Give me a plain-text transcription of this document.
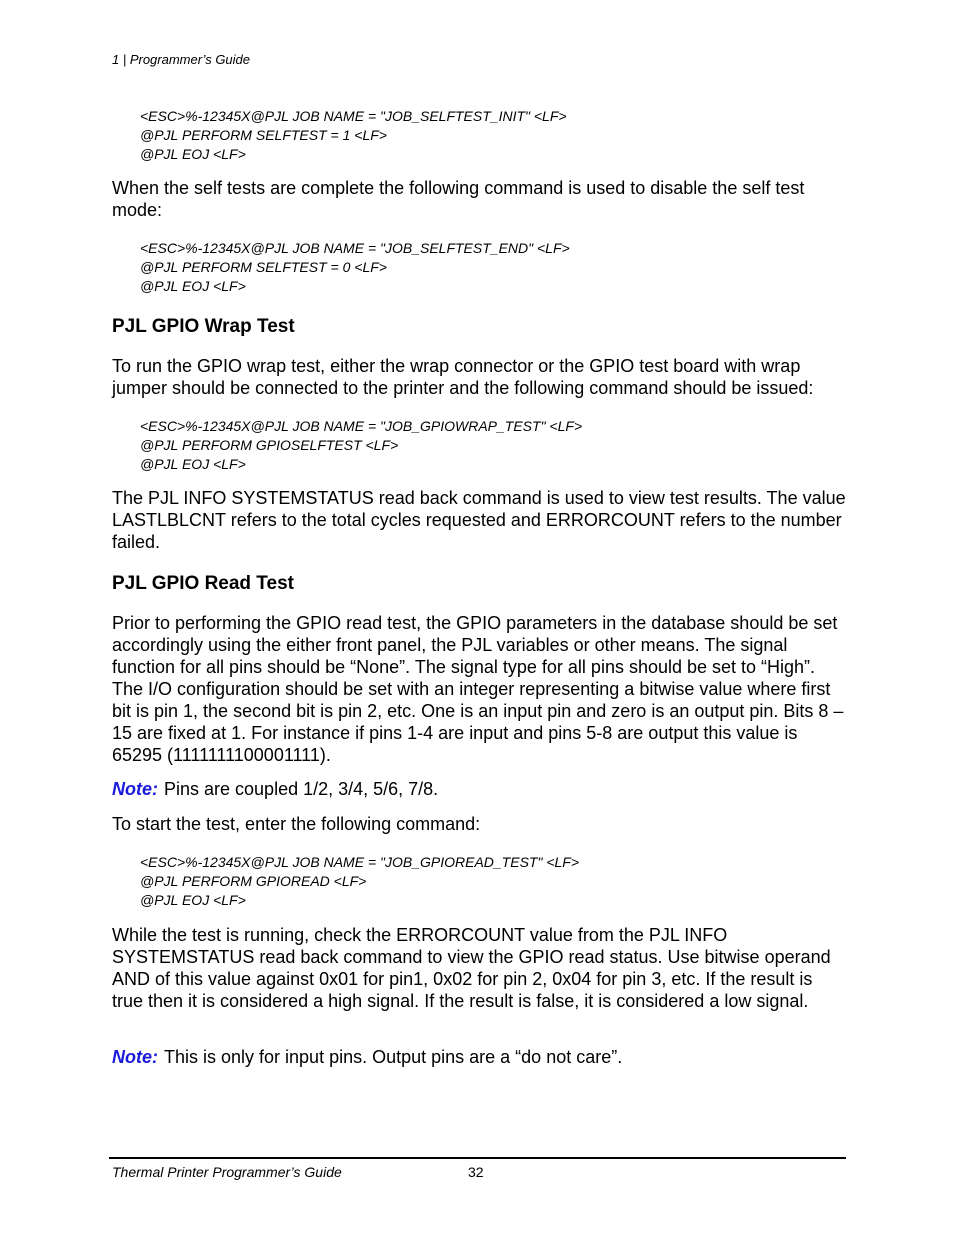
1 | Programmer’s Guide
<ESC>%-12345X@PJL JOB NAME = "JOB_SELFTEST_INIT" <LF>
@PJL PERFORM SELFTEST = 1 <LF>
@PJL EOJ <LF>
When the self tests are complete the following command is used to disable the self test mode:
<ESC>%-12345X@PJL JOB NAME = "JOB_SELFTEST_END" <LF>
@PJL PERFORM SELFTEST = 0 <LF>
@PJL EOJ <LF>
PJL GPIO Wrap Test
To run the GPIO wrap test, either the wrap connector or the GPIO test board with wrap jumper should be connected to the printer and the following command should be issued:
<ESC>%-12345X@PJL JOB NAME = "JOB_GPIOWRAP_TEST" <LF>
@PJL PERFORM GPIOSELFTEST <LF>
@PJL EOJ <LF>
The PJL INFO SYSTEMSTATUS read back command is used to view test results. The value LASTLBLCNT refers to the total cycles requested and ERRORCOUNT refers to the number failed.
PJL GPIO Read Test
Prior to performing the GPIO read test, the GPIO parameters in the database should be set accordingly using the either front panel, the PJL variables or other means. The signal function for all pins should be “None”. The signal type for all pins should be set to “High”. The I/O configuration should be set with an integer representing a bitwise value where first bit is pin 1, the second bit is pin 2, etc. One is an input pin and zero is an output pin. Bits 8 – 15 are fixed at 1. For instance if pins 1-4 are input and pins 5-8 are output this value is 65295 (1111111100001111).
Note: Pins are coupled 1/2, 3/4, 5/6, 7/8.
To start the test, enter the following command:
<ESC>%-12345X@PJL JOB NAME = "JOB_GPIOREAD_TEST" <LF>
@PJL PERFORM GPIOREAD <LF>
@PJL EOJ <LF>
While the test is running, check the ERRORCOUNT value from the PJL INFO SYSTEMSTATUS read back command to view the GPIO read status. Use bitwise operand AND of this value against 0x01 for pin1, 0x02 for pin 2, 0x04 for pin 3, etc. If the result is true then it is considered a high signal. If the result is false, it is considered a low signal.
Note: This is only for input pins. Output pins are a “do not care”.
Thermal Printer Programmer’s Guide	32
